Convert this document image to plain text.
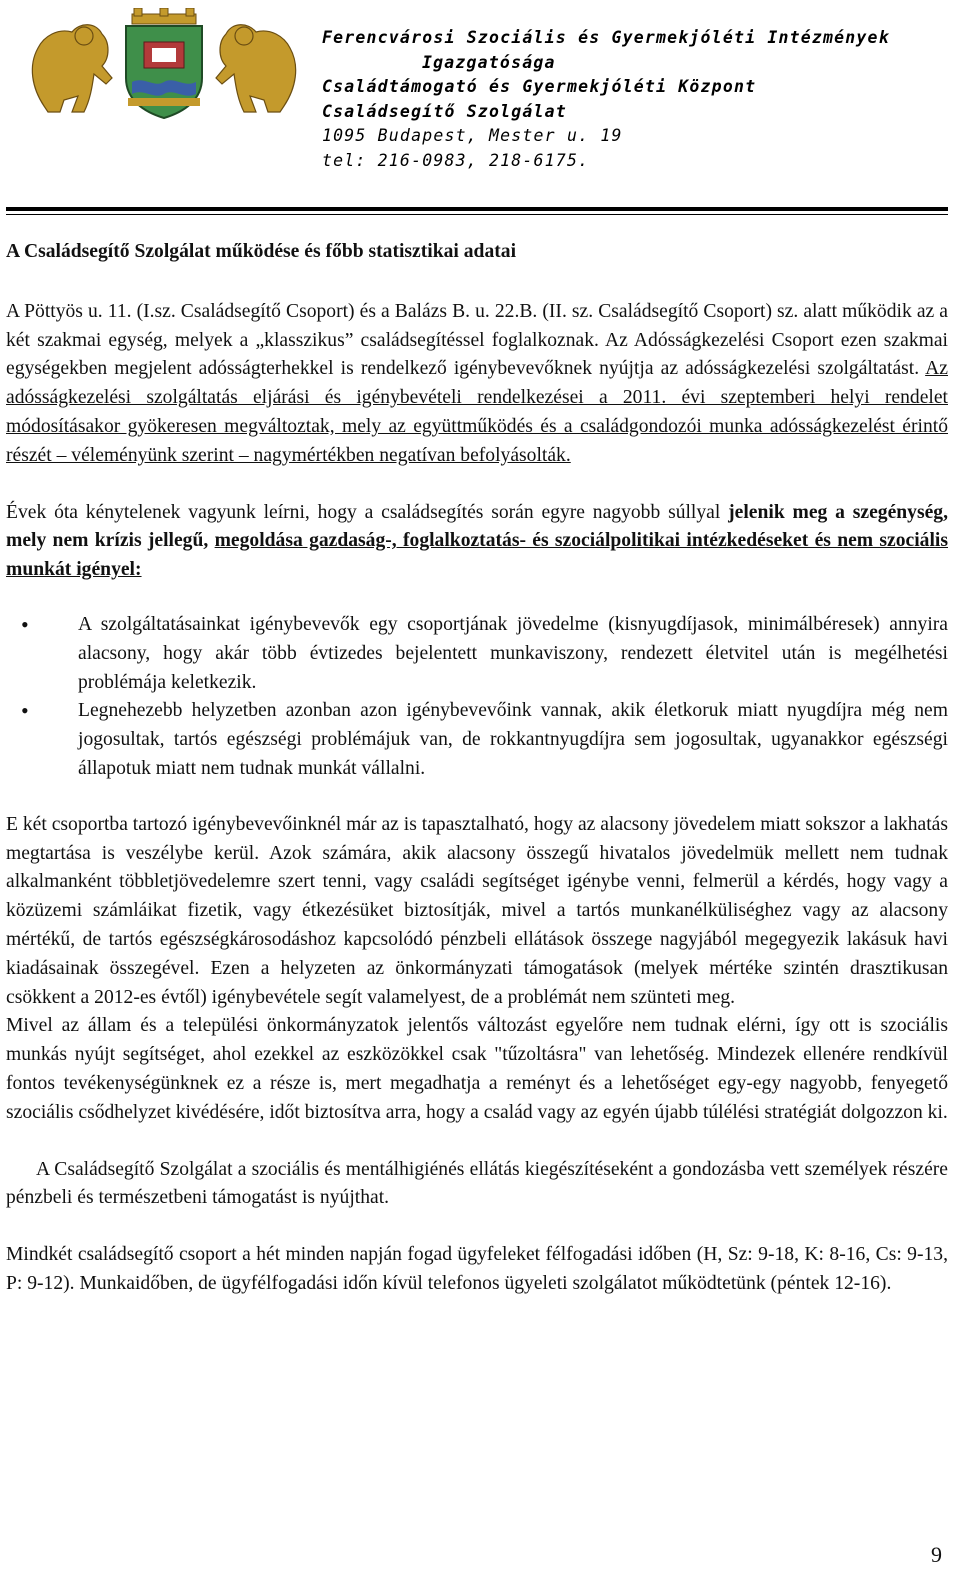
Ferencvárosi Szociális és Gyermekjóléti Intézmények
Igazgatósága
Családtámogató és Gyermekjóléti Központ
Családsegítő Szolgálat
1095 Budapest, Mester u. 19
tel: 216-0983, 218-6175.

A Családsegítő Szolgálat működése és főbb statisztikai adatai

A Pöttyös u. 11. (I.sz. Családsegítő Csoport) és a Balázs B. u. 22.B. (II. sz. Családsegítő Csoport) sz. alatt működik az a két szakmai egység, melyek a „klasszikus” családsegítéssel foglalkoznak. Az Adósságkezelési Csoport ezen szakmai egységekben megjelent adósságterhekkel is rendelkező igénybevevőknek nyújtja az adósságkezelési szolgáltatást. Az adósságkezelési szolgáltatás eljárási és igénybevételi rendelkezései a 2011. évi szeptemberi helyi rendelet módosításakor gyökeresen megváltoztak, mely az együttműködés és a családgondozói munka adósságkezelést érintő részét – véleményünk szerint – nagymértékben negatívan befolyásolták.

Évek óta kénytelenek vagyunk leírni, hogy a családsegítés során egyre nagyobb súllyal jelenik meg a szegénység, mely nem krízis jellegű, megoldása gazdaság-, foglalkoztatás- és szociálpolitikai intézkedéseket és nem szociális munkát igényel:

• A szolgáltatásainkat igénybevevők egy csoportjának jövedelme (kisnyugdíjasok, minimálbéresek) annyira alacsony, hogy akár több évtizedes bejelentett munkaviszony, rendezett életvitel után is megélhetési problémája keletkezik.
• Legnehezebb helyzetben azonban azon igénybevevőink vannak, akik életkoruk miatt nyugdíjra még nem jogosultak, tartós egészségi problémájuk van, de rokkantnyugdíjra sem jogosultak, ugyanakkor egészségi állapotuk miatt nem tudnak munkát vállalni.

E két csoportba tartozó igénybevevőinknél már az is tapasztalható, hogy az alacsony jövedelem miatt sokszor a lakhatás megtartása is veszélybe kerül. Azok számára, akik alacsony összegű hivatalos jövedelmük mellett nem tudnak alkalmanként többletjövedelemre szert tenni, vagy családi segítséget igénybe venni, felmerül a kérdés, hogy vagy a közüzemi számláikat fizetik, vagy étkezésüket biztosítják, mivel a tartós munkanélküliséghez vagy az alacsony mértékű, de tartós egészségkárosodáshoz kapcsolódó pénzbeli ellátások összege nagyjából megegyezik lakásuk havi kiadásainak összegével. Ezen a helyzeten az önkormányzati támogatások (melyek mértéke szintén drasztikusan csökkent a 2012-es évtől) igénybevétele segít valamelyest, de a problémát nem szünteti meg.

Mivel az állam és a települési önkormányzatok jelentős változást egyelőre nem tudnak elérni, így ott is szociális munkás nyújt segítséget, ahol ezekkel az eszközökkel csak "tűzoltásra" van lehetőség. Mindezek ellenére rendkívül fontos tevékenységünknek ez a része is, mert megadhatja a reményt és a lehetőséget egy-egy nagyobb, fenyegető szociális csődhelyzet kivédésére, időt biztosítva arra, hogy a család vagy az egyén újabb túlélési stratégiát dolgozzon ki.

A Családsegítő Szolgálat a szociális és mentálhigiénés ellátás kiegészítéseként a gondozásba vett személyek részére pénzbeli és természetbeni támogatást is nyújthat.

Mindkét családsegítő csoport a hét minden napján fogad ügyfeleket félfogadási időben (H, Sz: 9-18, K: 8-16, Cs: 9-13, P: 9-12). Munkaidőben, de ügyfélfogadási időn kívül telefonos ügyeleti szolgálatot működtetünk (péntek 12-16).

9
